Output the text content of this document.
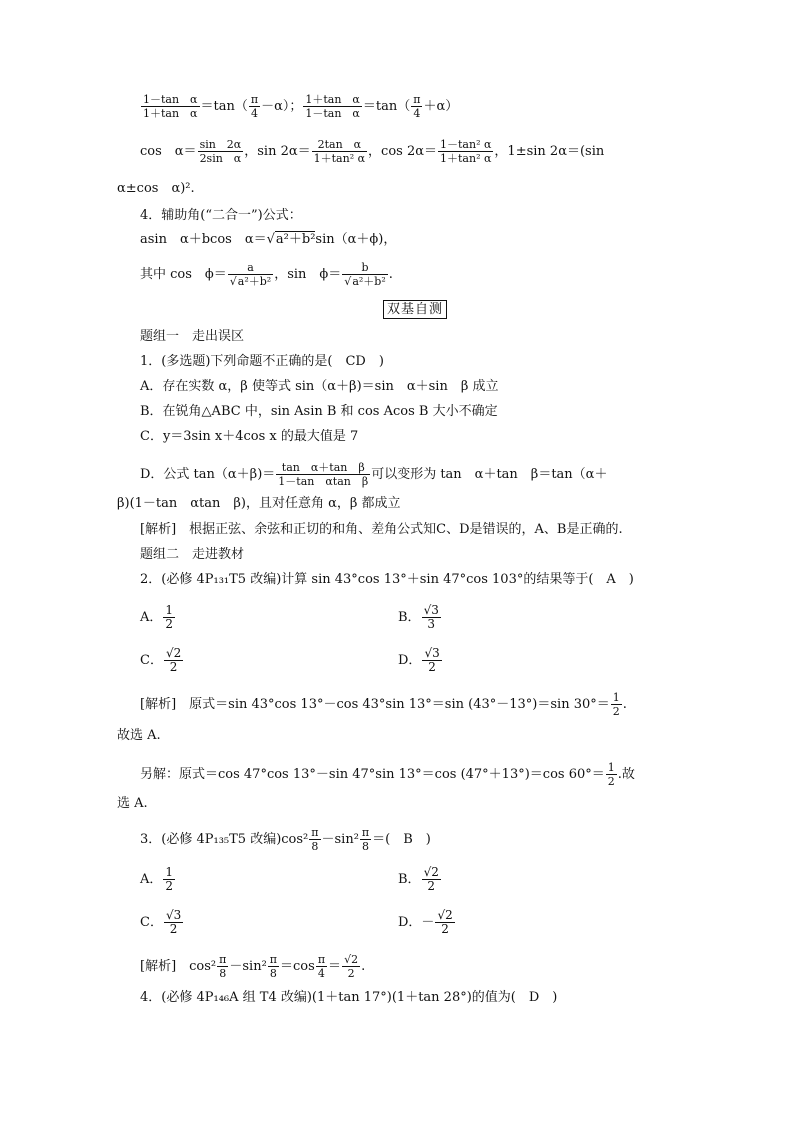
$\frac{\text{1－tan　α}}{\text{1＋tan　α}} =\tan( \frac{\pi}{4} -\alpha)$； $\frac{\text{1＋tan　α}}{\text{1－tan　α}} =\tan( \frac{\pi}{4} +\alpha)$
cos　$\alpha= \frac{\sin 2\alpha}{\text{2sin　α}}$ ，$\sin 2\alpha= \frac{\text{2tan　α}}{\text{1＋tan² α}}$ ，$\cos 2\alpha= \frac{\text{1－tan² α}}{\text{1＋tan² α}}$ ，1±sin 2α＝(sin
α±cos　α)².
4．辅助角(“二合一”)公式：
asin　α＋bcos　α＝√a²＋b²sin（α＋ϕ)，
其中 cos　$\phi= \frac{a}{\text{√a²＋b²}}$ ，sin　$\phi= \frac{b}{\text{√a²＋b²}}$ .
双基自测
题组一　走出误区
1．(多选题)下列命题不正确的是(　CD　)
A．存在实数 α，β 使等式 sin（α＋β)＝sin　α＋sin　β 成立
B．在锐角△ABC 中，sin Asin B 和 cos Acos B 大小不确定
C．y＝3sin x＋4cos x 的最大值是 7
D．公式 $\tan(\alpha+\beta)= \frac{\text{tan　α＋tan　β}}{\text{1－tan　αtan　β}}$ 可以变形为 tan　α＋tan　β＝tan（α＋
β)(1－tan　αtan　β)，且对任意角 α，β 都成立
[解析]　根据正弦、余弦和正切的和角、差角公式知C、D是错误的，A、B是正确的.
题组二　走进教材
2．(必修 4P₁₃₁T5 改编)计算 sin 43°cos 13°＋sin 47°cos 103°的结果等于(　A　)
A． $\frac{1}{2}$	B． $\frac{√3}{3}$
C． $\frac{√2}{2}$	D． $\frac{√3}{2}$
[解析]　原式＝sin 43°cos 13°－cos 43°sin 13°＝sin (43°－13°)＝sin $30^\circ= \frac{1}{2}$ .
故选 A.
另解：原式＝cos 47°cos 13°－sin 47°sin 13°＝cos (47°＋13°)＝cos $60^\circ= \frac{1}{2}$ .故
选 A.
3．(必修 4P₁₃₅T5 改编)$\cos^2 \frac{\pi}{8} -\sin^2 \frac{\pi}{8}$ ＝(　B　)
A． $\frac{1}{2}$	B． $\frac{√2}{2}$
C． $\frac{√3}{2}$	D．－ $\frac{√2}{2}$
[解析]　$\cos^2 \frac{\pi}{8} -\sin^2 \frac{\pi}{8} =\cos \frac{\pi}{4} = \frac{√2}{2}$ .
4．(必修 4P₁₄₆A 组 T4 改编)(1＋tan 17°)(1＋tan 28°)的值为(　D　)
